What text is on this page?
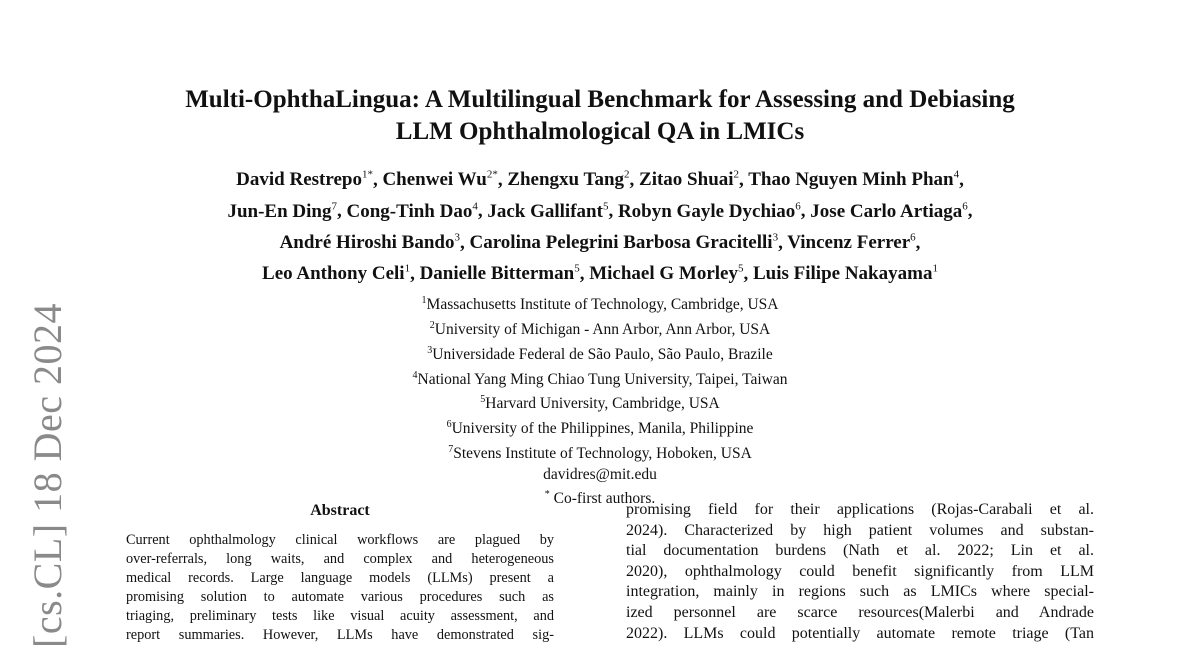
[cs.CL] 18 Dec 2024
Multi-OphthaLingua: A Multilingual Benchmark for Assessing and Debiasing
LLM Ophthalmological QA in LMICs
David Restrepo$^{1*}$, Chenwei $Wu^{2*}$, Zhengxu Tang$^2$, Zitao Shuai$^2$, Thao Nguyen Minh Phan$^4$,
Jun-En Ding$^7$, Cong-Tinh Dao$^4$, Jack Gallifant$^5$, Robyn Gayle Dychiao$^6$, Jose Carlo Artiaga$^6$,
André Hiroshi Bando$^3$, Carolina Pelegrini Barbosa Gracitelli$^3$, Vincenz Ferrer$^6$,
Leo Anthony Celi$^1$, Danielle Bitterman$^5$, Michael G Morley$^5$, Luis Filipe Nakayama$^1$
$^1$Massachusetts Institute of Technology, Cambridge, USA
$^2$University of Michigan - Ann Arbor, Ann Arbor, USA
$^3$Universidade Federal de São Paulo, São Paulo, Brazile
$^4$National Yang Ming Chiao Tung University, Taipei, Taiwan
$^5$Harvard University, Cambridge, USA
$^6$University of the Philippines, Manila, Philippine
$^7$Stevens Institute of Technology, Hoboken, USA
davidres@mit.edu
* Co-first authors.
Abstract
Current ophthalmology clinical workflows are plagued by
over-referrals, long waits, and complex and heterogeneous
medical records. Large language models (LLMs) present a
promising solution to automate various procedures such as
triaging, preliminary tests like visual acuity assessment, and
report summaries. However, LLMs have demonstrated sig-
promising field for their applications (Rojas-Carabali et al.
2024). Characterized by high patient volumes and substan-
tial documentation burdens (Nath et al. 2022; Lin et al.
2020), ophthalmology could benefit significantly from LLM
integration, mainly in regions such as LMICs where special-
ized personnel are scarce resources(Malerbi and Andrade
2022). LLMs could potentially automate remote triage (Tan
